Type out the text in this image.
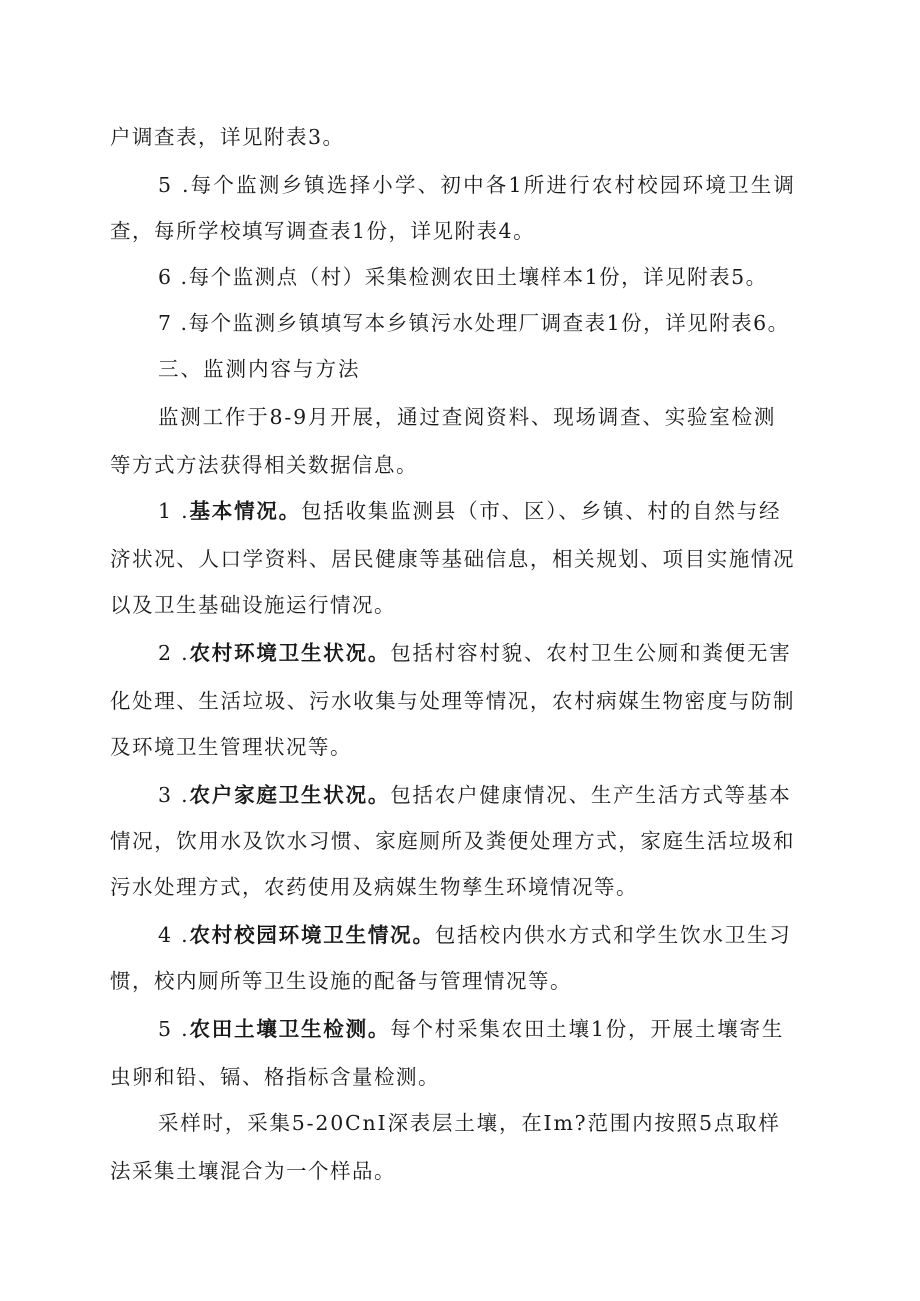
户调查表，详见附表3。
5 .每个监测乡镇选择小学、初中各1所进行农村校园环境卫生调
查，每所学校填写调查表1份，详见附表4。
6 .每个监测点（村）采集检测农田土壤样本1份，详见附表5。
7 .每个监测乡镇填写本乡镇污水处理厂调查表1份，详见附表6。
三、监测内容与方法
监测工作于8-9月开展，通过查阅资料、现场调查、实验室检测
等方式方法获得相关数据信息。
1 .基本情况。包括收集监测县（市、区）、乡镇、村的自然与经
济状况、人口学资料、居民健康等基础信息，相关规划、项目实施情况
以及卫生基础设施运行情况。
2 .农村环境卫生状况。包括村容村貌、农村卫生公厕和粪便无害
化处理、生活垃圾、污水收集与处理等情况，农村病媒生物密度与防制
及环境卫生管理状况等。
3 .农户家庭卫生状况。包括农户健康情况、生产生活方式等基本
情况，饮用水及饮水习惯、家庭厕所及粪便处理方式，家庭生活垃圾和
污水处理方式，农药使用及病媒生物孳生环境情况等。
4 .农村校园环境卫生情况。包括校内供水方式和学生饮水卫生习
惯，校内厕所等卫生设施的配备与管理情况等。
5 .农田土壤卫生检测。每个村采集农田土壤1份，开展土壤寄生
虫卵和铅、镉、格指标含量检测。
采样时，采集5-20CnI深表层土壤，在Im?范围内按照5点取样
法采集土壤混合为一个样品。
